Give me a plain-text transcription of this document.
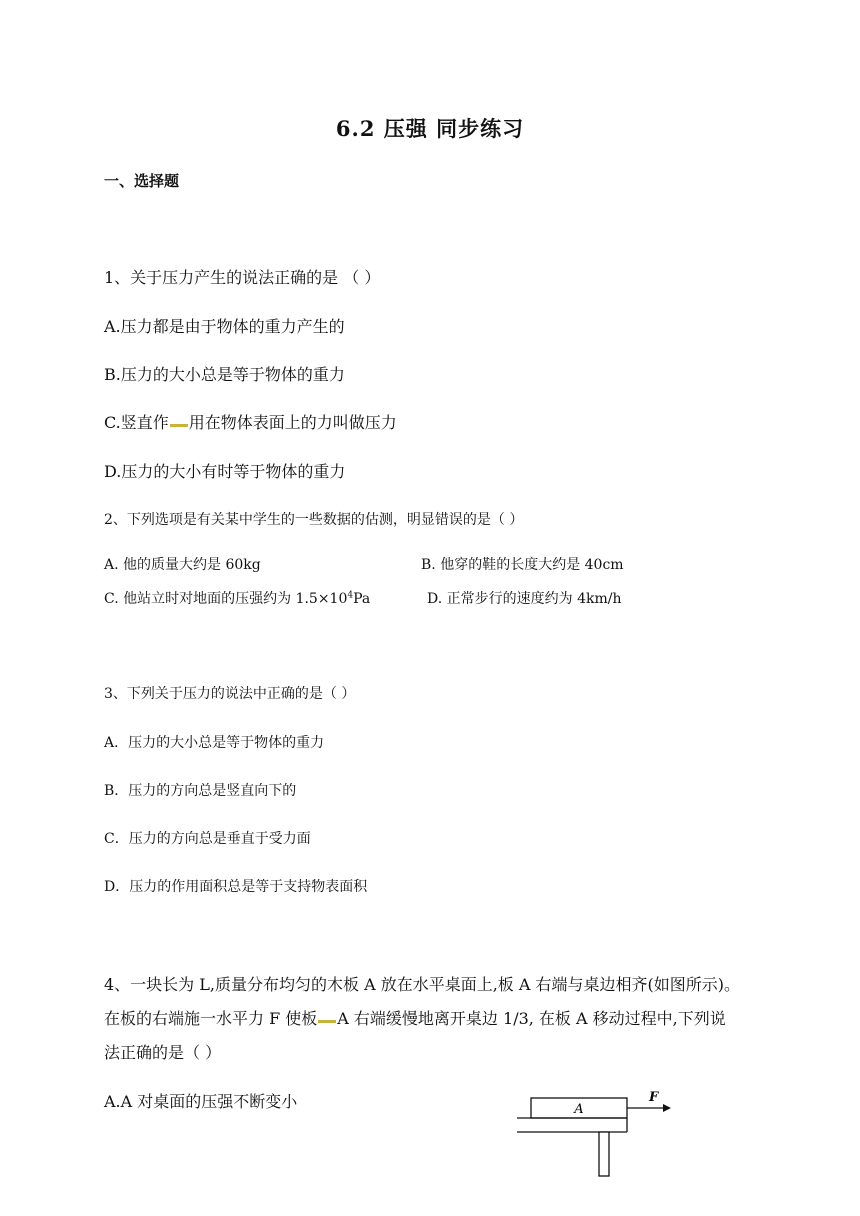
6.2 压强 同步练习
一、选择题
1、关于压力产生的说法正确的是 （ ）
A.压力都是由于物体的重力产生的
B.压力的大小总是等于物体的重力
C.竖直作 用在物体表面上的力叫做压力
D.压力的大小有时等于物体的重力
2、下列选项是有关某中学生的一些数据的估测，明显错误的是（ ）
A. 他的质量大约是 60kg	B. 他穿的鞋的长度大约是 40cm
C. 他站立时对地面的压强约为 $1.5\times 10^4Pa$	D. 正常步行的速度约为 4km/h
3、下列关于压力的说法中正确的是（ ）
A．压力的大小总是等于物体的重力
B．压力的方向总是竖直向下的
C．压力的方向总是垂直于受力面
D．压力的作用面积总是等于支持物表面积
4、一块长为 L,质量分布均匀的木板 A 放在水平桌面上,板 A 右端与桌边相齐(如图所示)。
在板的右端施一水平力 F 使板 A 右端缓慢地离开桌边 1/3, 在板 A 移动过程中,下列说
法正确的是（ ）
A.A 对桌面的压强不断变小	A
F
